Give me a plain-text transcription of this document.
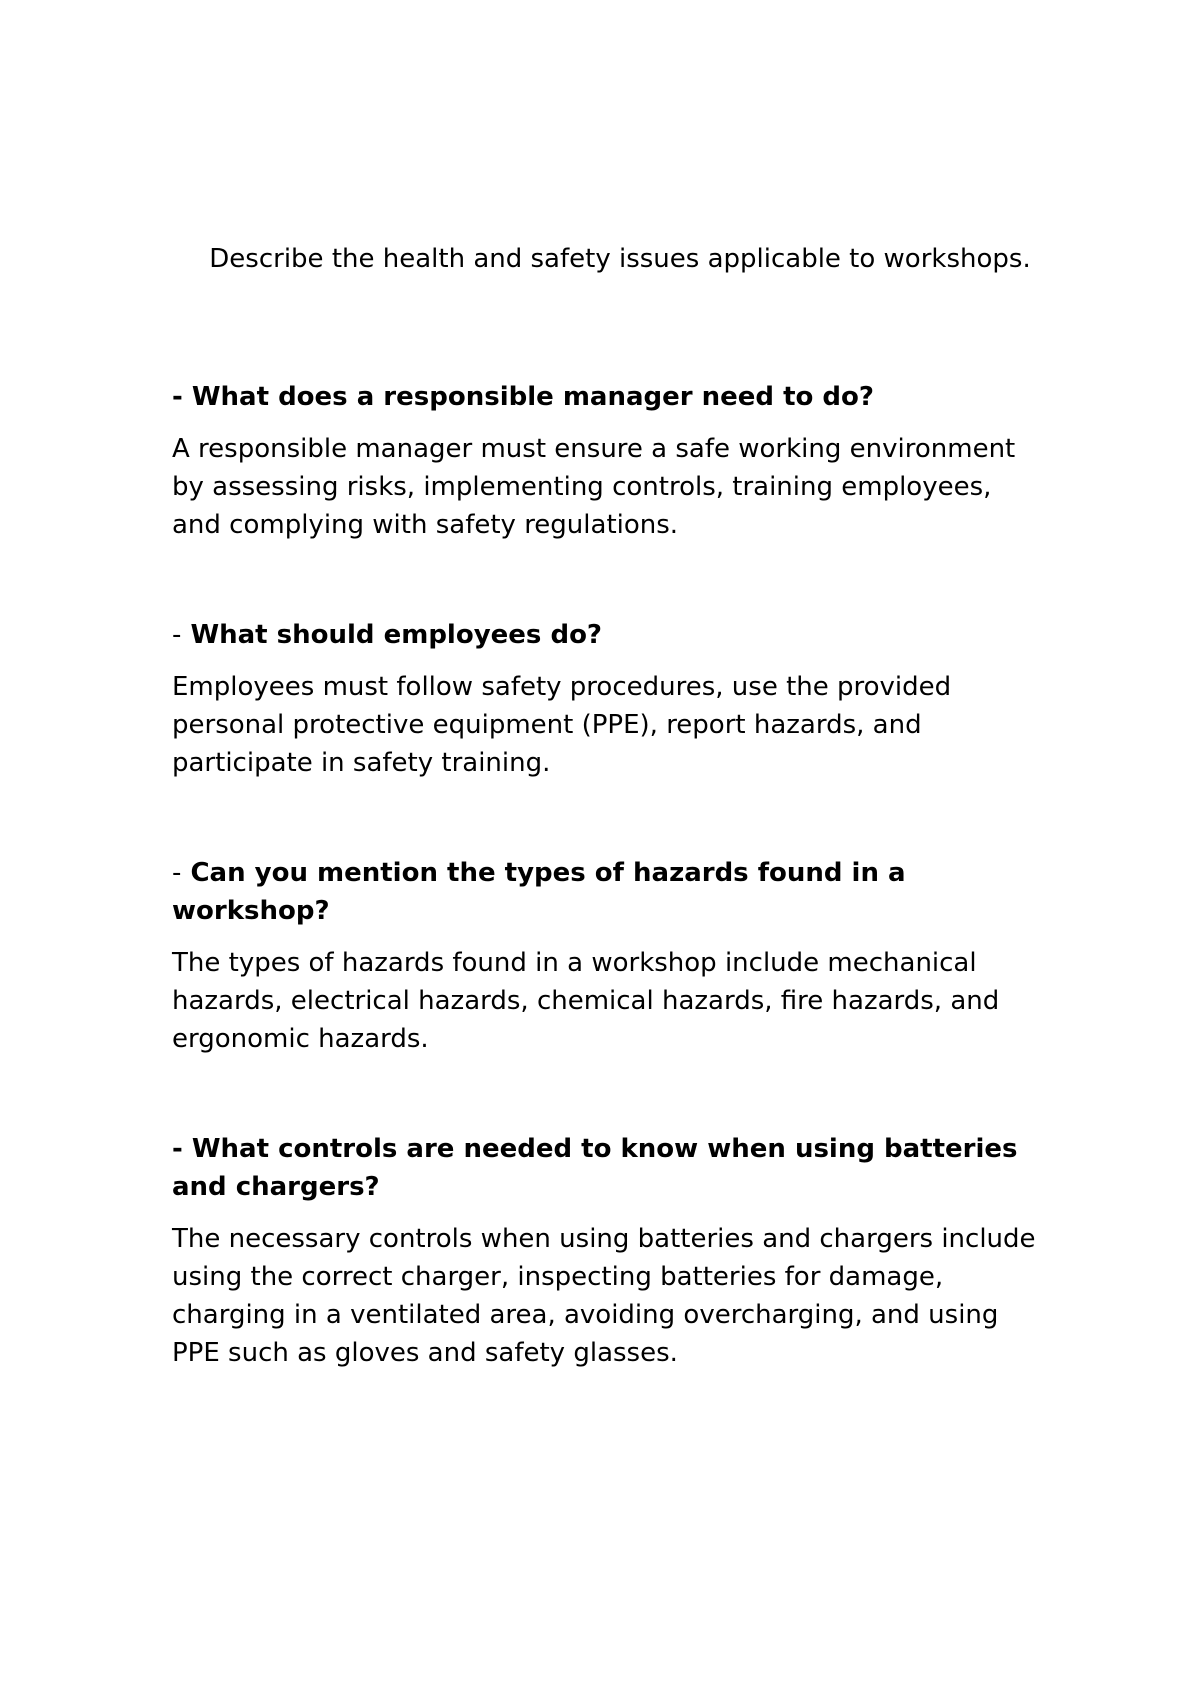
Describe the health and safety issues applicable to workshops.

- What does a responsible manager need to do?

A responsible manager must ensure a safe working environment by assessing risks, implementing controls, training employees, and complying with safety regulations.

- What should employees do?

Employees must follow safety procedures, use the provided personal protective equipment (PPE), report hazards, and participate in safety training.

- Can you mention the types of hazards found in a workshop?

The types of hazards found in a workshop include mechanical hazards, electrical hazards, chemical hazards, fire hazards, and ergonomic hazards.

- What controls are needed to know when using batteries and chargers?

The necessary controls when using batteries and chargers include using the correct charger, inspecting batteries for damage, charging in a ventilated area, avoiding overcharging, and using PPE such as gloves and safety glasses.
